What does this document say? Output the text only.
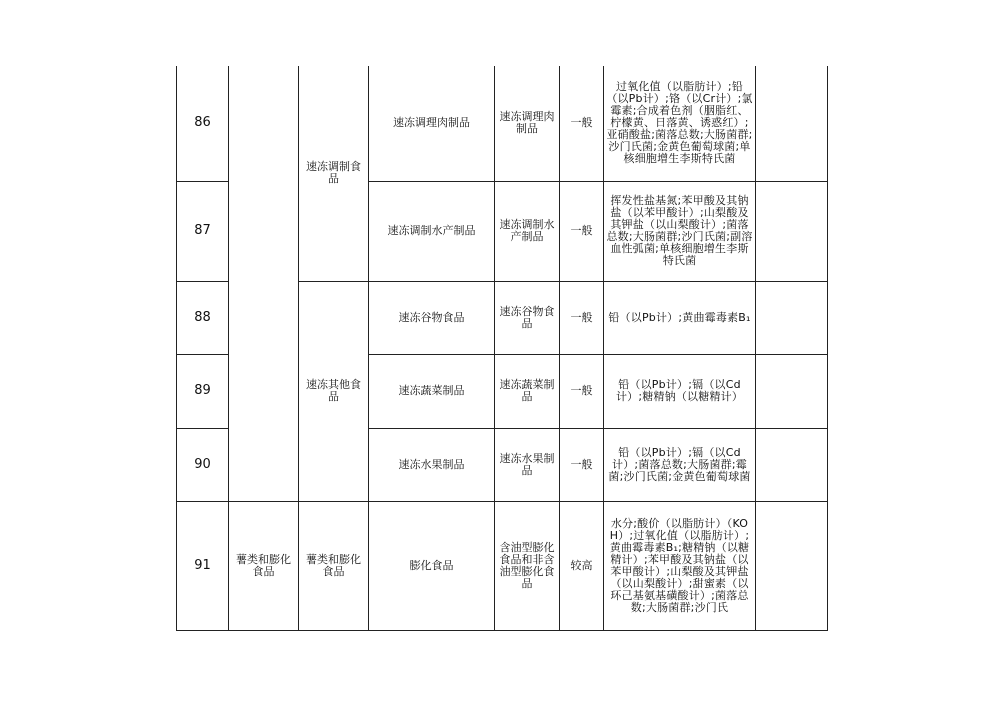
86		速冻调制食品	速冻调理肉制品	速冻调理肉制品	一般	过氧化值（以脂肪计）;铅（以Pb计）;铬（以Cr计）;氯霉素;合成着色剂（胭脂红、柠檬黄、日落黄、诱惑红）;亚硝酸盐;菌落总数;大肠菌群;沙门氏菌;金黄色葡萄球菌;单核细胞增生李斯特氏菌	
87			速冻调制水产制品	速冻调制水产制品	一般	挥发性盐基氮;苯甲酸及其钠盐（以苯甲酸计）;山梨酸及其钾盐（以山梨酸计）;菌落总数;大肠菌群;沙门氏菌;副溶血性弧菌;单核细胞增生李斯特氏菌	
88		速冻其他食品	速冻谷物食品	速冻谷物食品	一般	铅（以Pb计）;黄曲霉毒素B₁	
89			速冻蔬菜制品	速冻蔬菜制品	一般	铅（以Pb计）;镉（以Cd计）;糖精钠（以糖精计）	
90			速冻水果制品	速冻水果制品	一般	铅（以Pb计）;镉（以Cd计）;菌落总数;大肠菌群;霉菌;沙门氏菌;金黄色葡萄球菌	
91	薯类和膨化食品	薯类和膨化食品	膨化食品	含油型膨化食品和非含油型膨化食品	较高	水分;酸价（以脂肪计）（KOH）;过氧化值（以脂肪计）;黄曲霉毒素B₁;糖精钠（以糖精计）;苯甲酸及其钠盐（以苯甲酸计）;山梨酸及其钾盐（以山梨酸计）;甜蜜素（以环己基氨基磺酸计）;菌落总数;大肠菌群;沙门氏	
